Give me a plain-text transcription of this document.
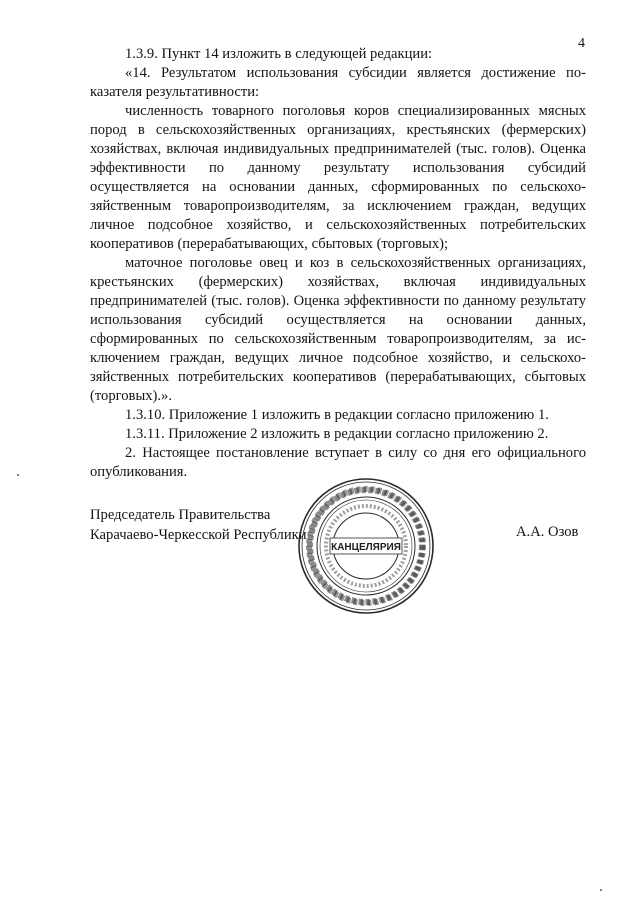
4

1.3.9. Пункт 14 изложить в следующей редакции:

«14. Результатом использования субсидии является достижение показателя результативности:

численность товарного поголовья коров специализированных мясных пород в сельскохозяйственных организациях, крестьянских (фермерских) хозяйствах, включая индивидуальных предпринимателей (тыс. голов). Оценка эффективности по данному результату использования субсидий осуществляется на основании данных, сформированных по сельскохозяйственным товаропроизводителям, за исключением граждан, ведущих личное подсобное хозяйство, и сельскохозяйственных потребительских кооперативов (перерабатывающих, сбытовых (торговых);

маточное поголовье овец и коз в сельскохозяйственных организациях, крестьянских (фермерских) хозяйствах, включая индивидуальных предпринимателей (тыс. голов). Оценка эффективности по данному результату использования субсидий осуществляется на основании данных, сформированных по сельскохозяйственным товаропроизводителям, за исключением граждан, ведущих личное подсобное хозяйство, и сельскохозяйственных потребительских кооперативов (перерабатывающих, сбытовых (торговых).».

1.3.10. Приложение 1 изложить в редакции согласно приложению 1.

1.3.11. Приложение 2 изложить в редакции согласно приложению 2.

2. Настоящее постановление вступает в силу со дня его официального опубликования.

Председатель Правительства
Карачаево-Черкесской Республики
КАНЦЕЛЯРИЯ
А.А. Озов
